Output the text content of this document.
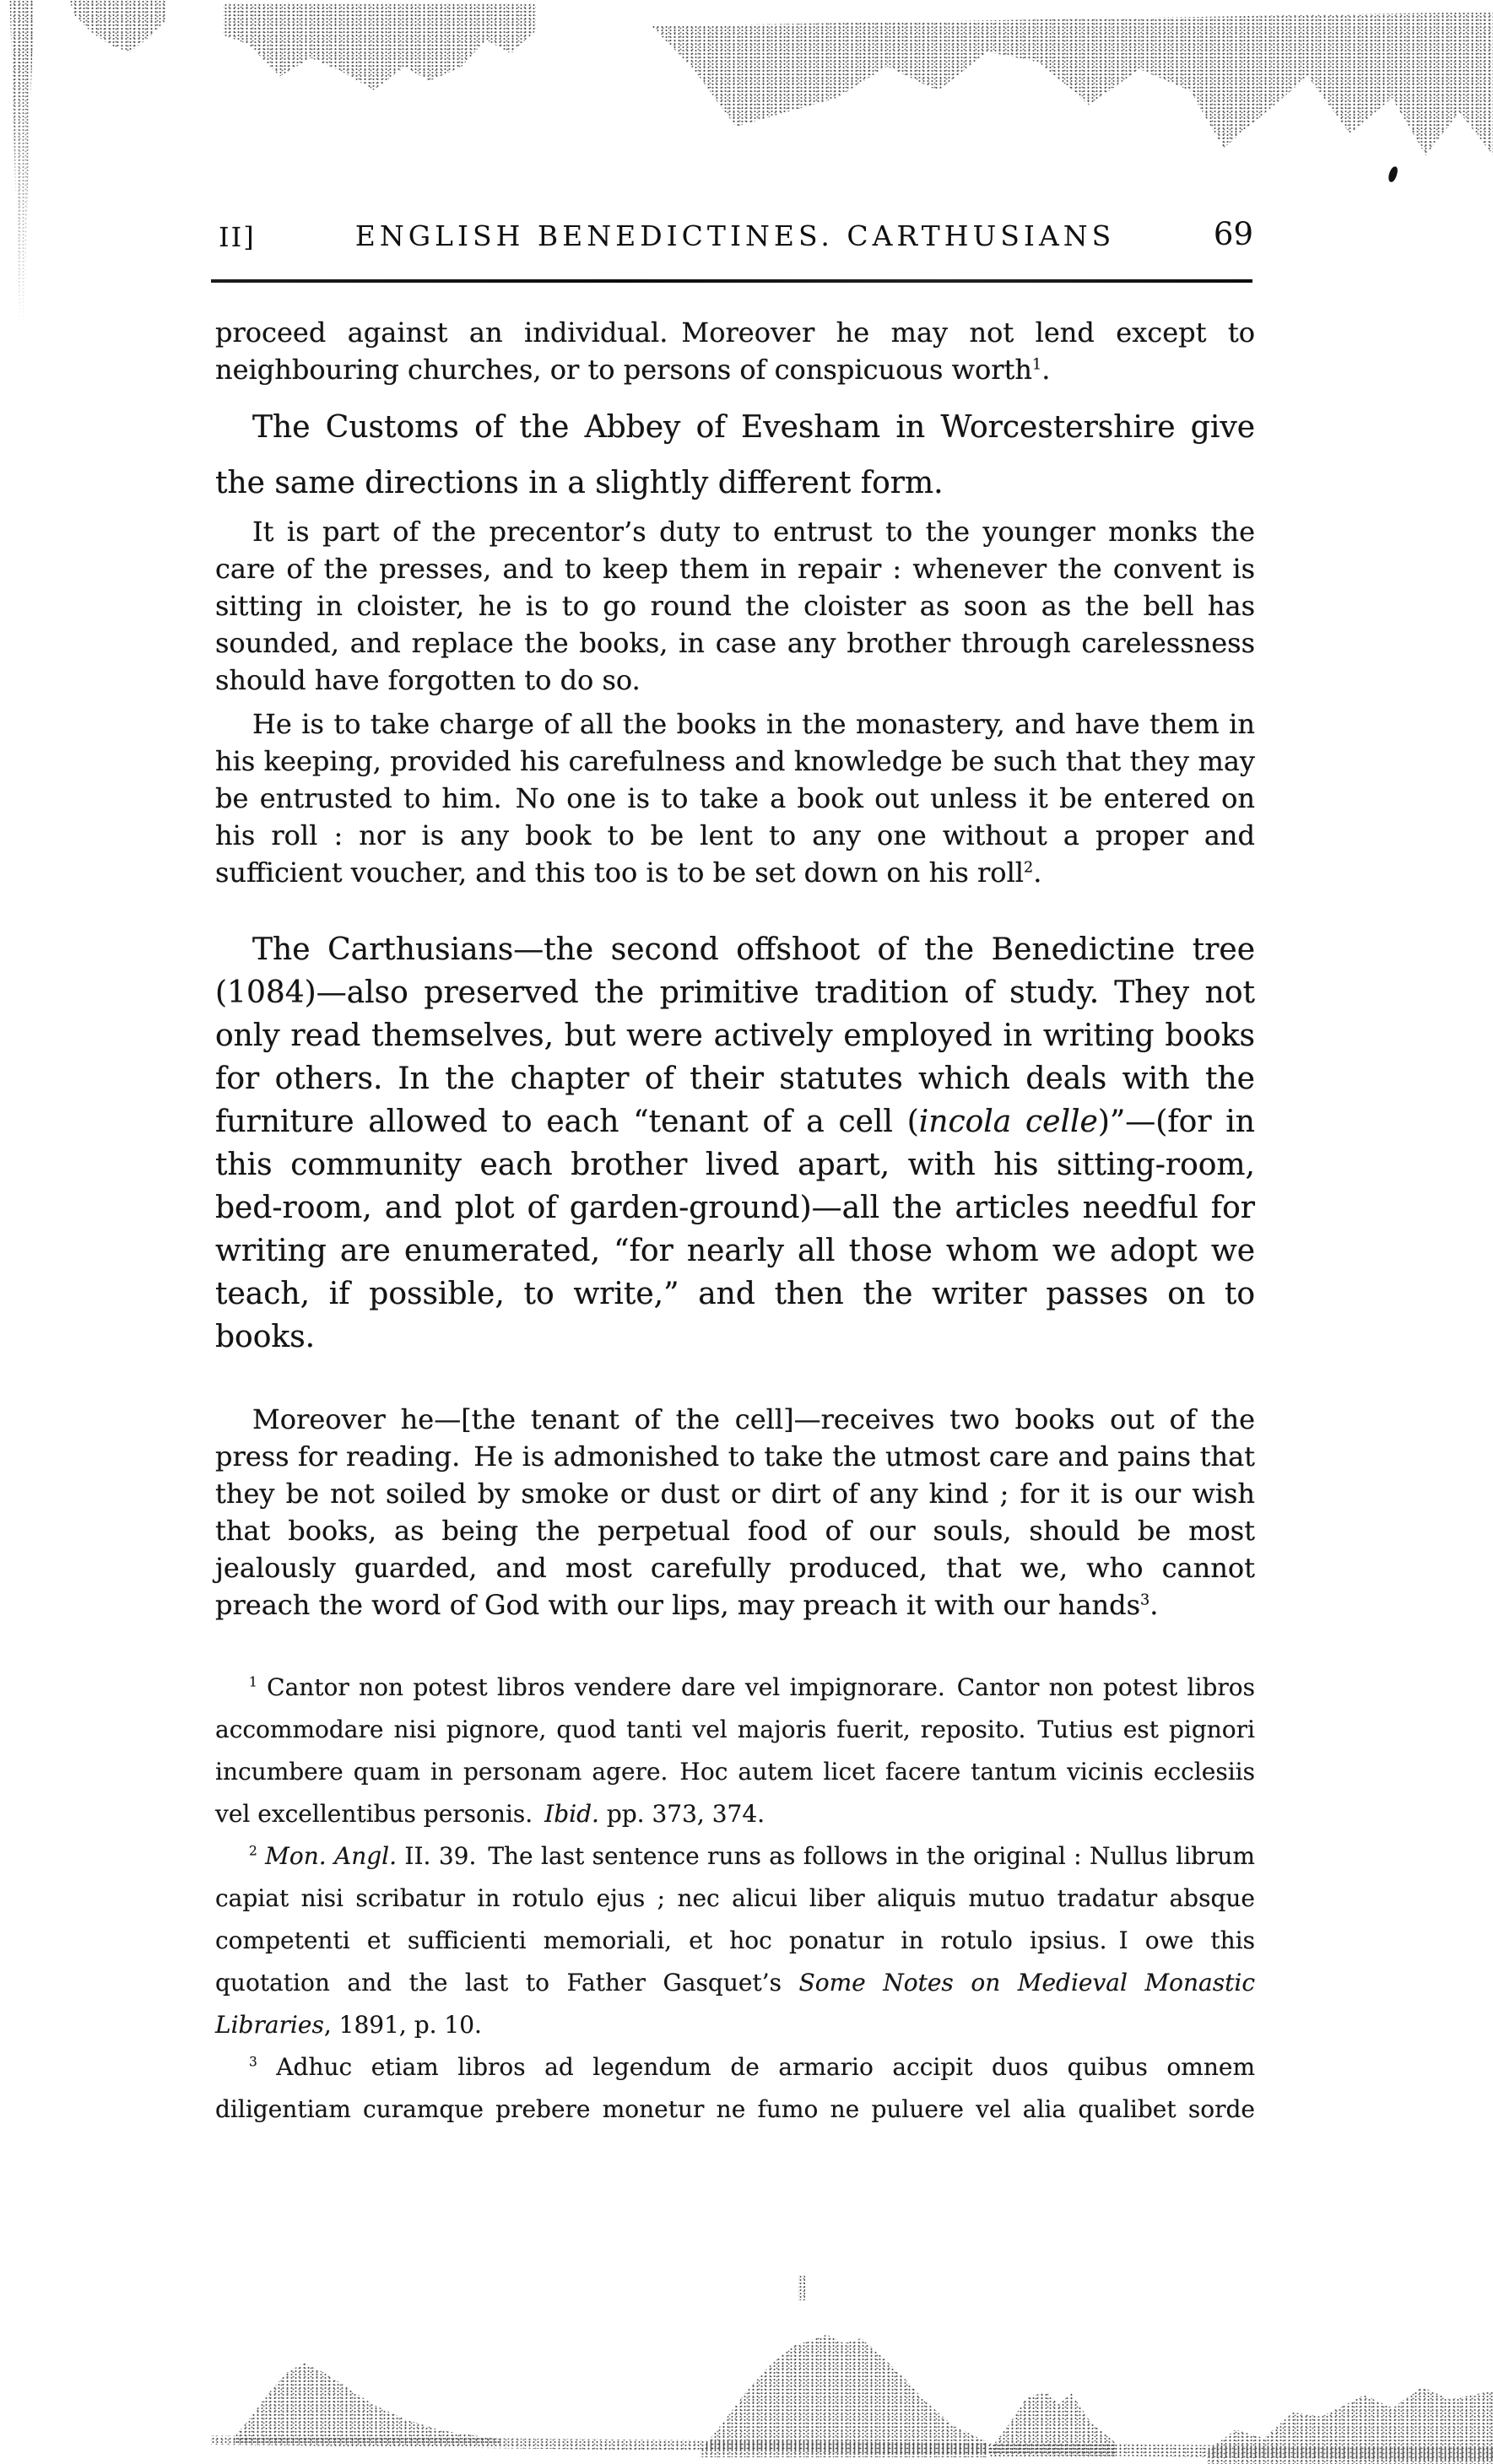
II]	ENGLISH BENEDICTINES. CARTHUSIANS	69

proceed against an individual. Moreover he may not lend except to neighbouring churches, or to persons of conspicuous worth$^1$.

The Customs of the Abbey of Evesham in Worcestershire give the same directions in a slightly different form.

It is part of the precentor’s duty to entrust to the younger monks the care of the presses, and to keep them in repair : whenever the convent is sitting in cloister, he is to go round the cloister as soon as the bell has sounded, and replace the books, in case any brother through carelessness should have forgotten to do so.

He is to take charge of all the books in the monastery, and have them in his keeping, provided his carefulness and knowledge be such that they may be entrusted to him. No one is to take a book out unless it be entered on his roll : nor is any book to be lent to any one without a proper and sufficient voucher, and this too is to be set down on his roll$^2$.

The Carthusians—the second offshoot of the Benedictine tree (1084)—also preserved the primitive tradition of study. They not only read themselves, but were actively employed in writing books for others. In the chapter of their statutes which deals with the furniture allowed to each “tenant of a cell (incola celle)”—(for in this community each brother lived apart, with his sitting-room, bed-room, and plot of garden-ground)—all the articles needful for writing are enumerated, “for nearly all those whom we adopt we teach, if possible, to write,” and then the writer passes on to books.

Moreover he—[the tenant of the cell]—receives two books out of the press for reading. He is admonished to take the utmost care and pains that they be not soiled by smoke or dust or dirt of any kind ; for it is our wish that books, as being the perpetual food of our souls, should be most jealously guarded, and most carefully produced, that we, who cannot preach the word of God with our lips, may preach it with our hands$^3$.

$^1$ Cantor non potest libros vendere dare vel impignorare. Cantor non potest libros accommodare nisi pignore, quod tanti vel majoris fuerit, reposito. Tutius est pignori incumbere quam in personam agere. Hoc autem licet facere tantum vicinis ecclesiis vel excellentibus personis. Ibid. pp. 373, 374.

$^2$ Mon. Angl. II. 39. The last sentence runs as follows in the original : Nullus librum capiat nisi scribatur in rotulo ejus ; nec alicui liber aliquis mutuo tradatur absque competenti et sufficienti memoriali, et hoc ponatur in rotulo ipsius. I owe this quotation and the last to Father Gasquet’s Some Notes on Medieval Monastic Libraries, 1891, p. 10.

$^3$ Adhuc etiam libros ad legendum de armario accipit duos quibus omnem diligentiam curamque prebere monetur ne fumo ne puluere vel alia qualibet sorde
